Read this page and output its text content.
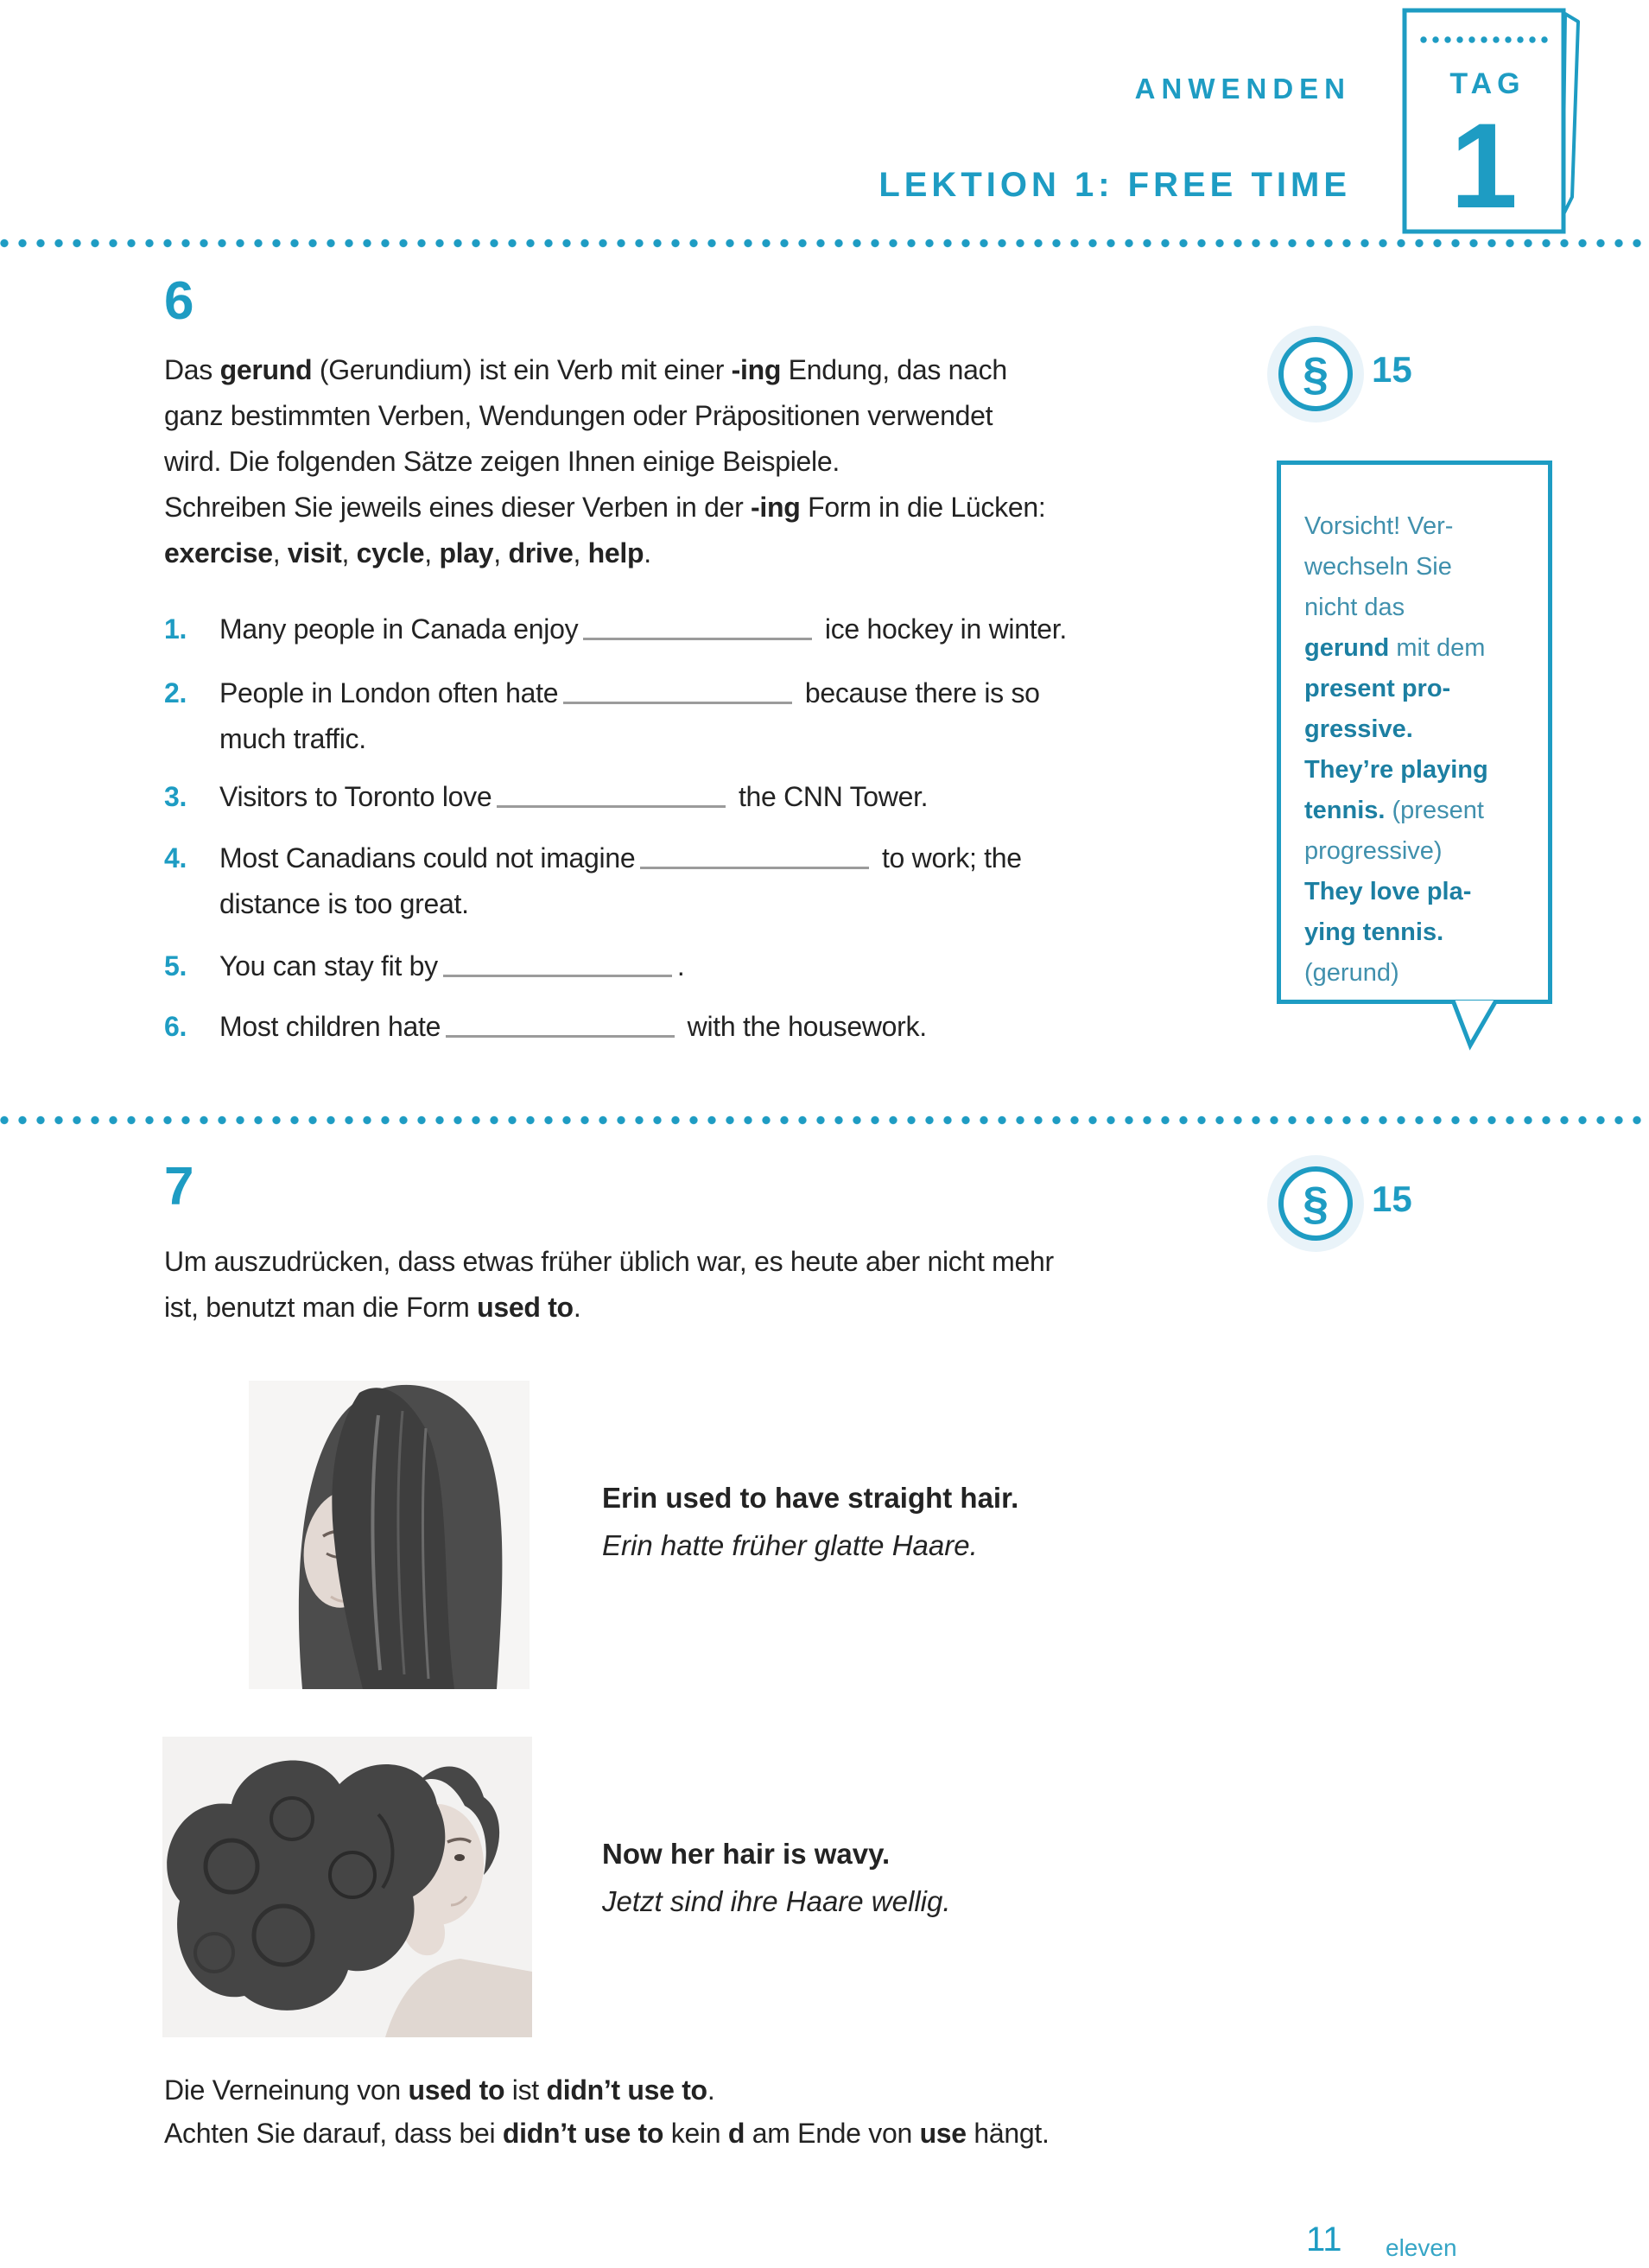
ANWENDEN
LEKTION 1: FREE TIME
TAG
1
6
Das gerund (Gerundium) ist ein Verb mit einer -ing Endung, das nach
ganz bestimmten Verben, Wendungen oder Präpositionen verwendet
wird. Die folgenden Sätze zeigen Ihnen einige Beispiele.
Schreiben Sie jeweils eines dieser Verben in der -ing Form in die Lücken:
exercise, visit, cycle, play, drive, help.
1.	Many people in Canada enjoy	ice hockey in winter.
2.	People in London often hate	because there is so
much traffic.
3.	Visitors to Toronto love	the CNN Tower.
4.	Most Canadians could not imagine	to work; the
distance is too great.
5.	You can stay fit by	.
6.	Most children hate	with the housework.
§ 15
Vorsicht! Ver-
wechseln Sie
nicht das
gerund mit dem
present pro-
gressive.
They’re playing
tennis. (present
progressive)
They love pla-
ying tennis.
(gerund)
7	§ 15
Um auszudrücken, dass etwas früher üblich war, es heute aber nicht mehr
ist, benutzt man die Form used to.
Erin used to have straight hair.
Erin hatte früher glatte Haare.
Now her hair is wavy.
Jetzt sind ihre Haare wellig.
Die Verneinung von used to ist didn’t use to.
Achten Sie darauf, dass bei didn’t use to kein d am Ende von use hängt.
11 eleven
